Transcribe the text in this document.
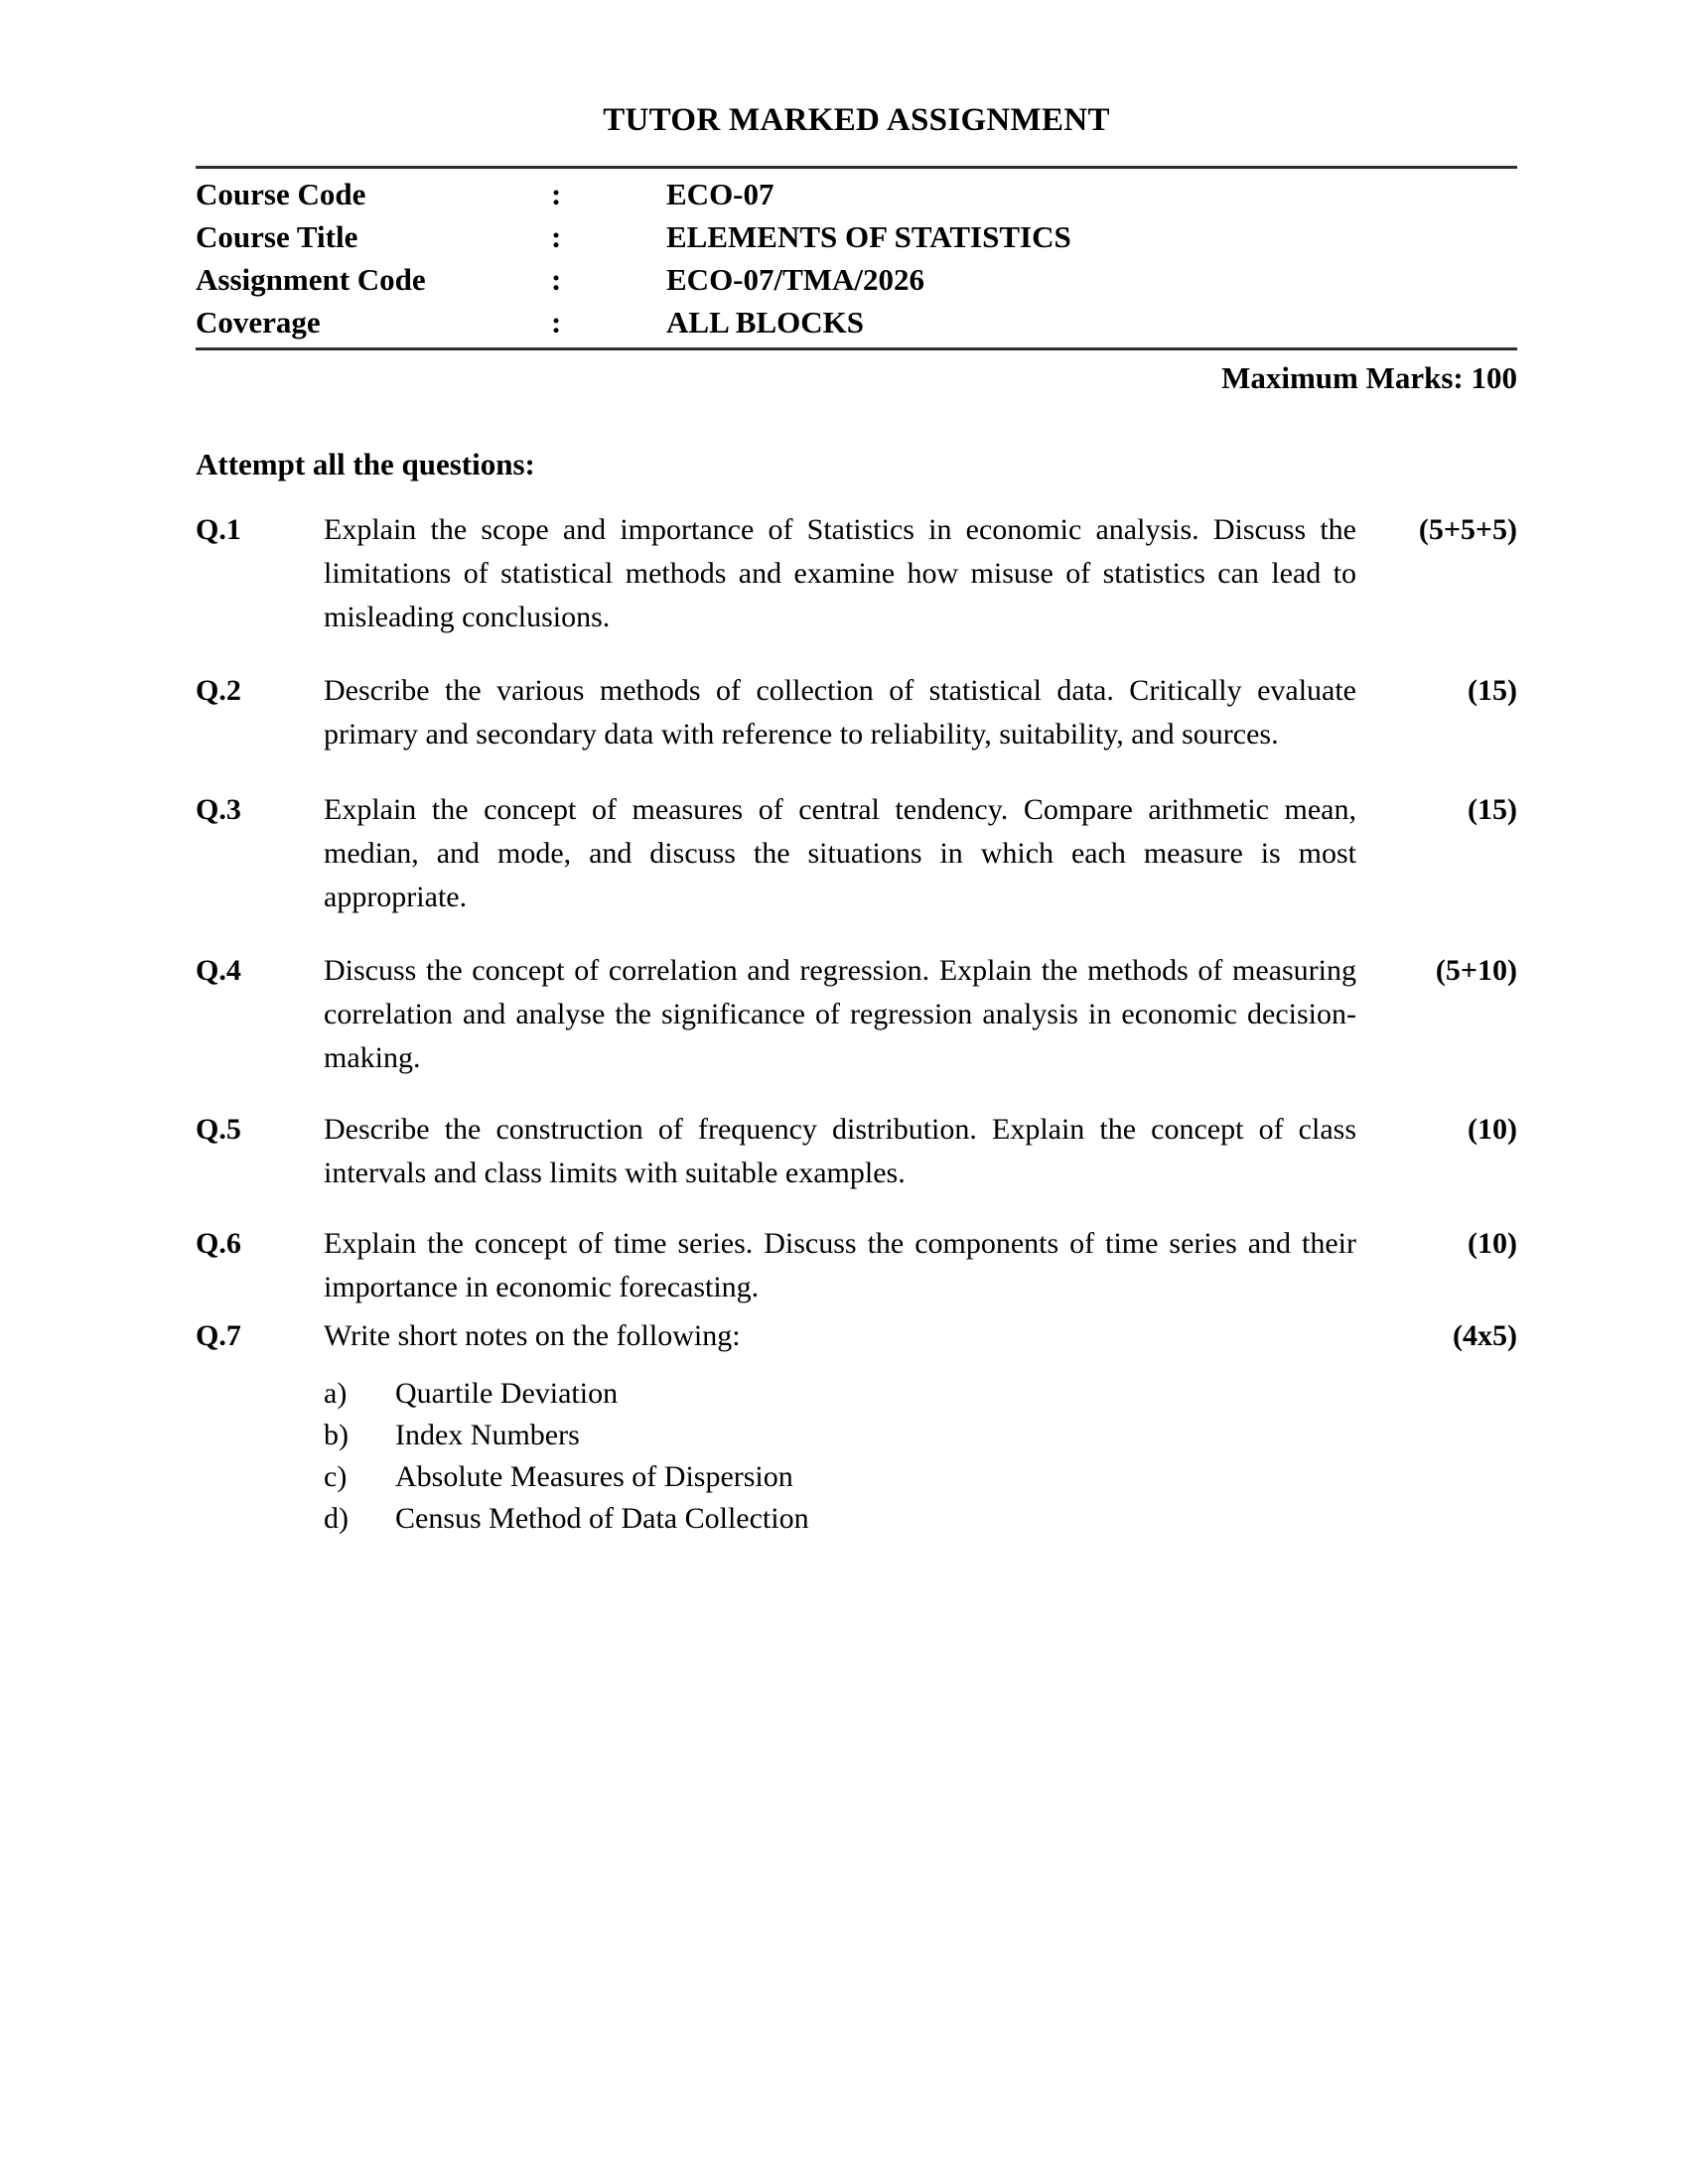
TUTOR MARKED ASSIGNMENT
Course Code	:	ECO-07
Course Title	:	ELEMENTS OF STATISTICS
Assignment Code	:	ECO-07/TMA/2026
Coverage	:	ALL BLOCKS
Maximum Marks: 100
Attempt all the questions:
Q.1	Explain the scope and importance of Statistics in economic analysis. Discuss the limitations of statistical methods and examine how misuse of statistics can lead to misleading conclusions.
(5+5+5)
Q.2	Describe the various methods of collection of statistical data. Critically evaluate primary and secondary data with reference to reliability, suitability, and sources.
(15)
Q.3	Explain the concept of measures of central tendency. Compare arithmetic mean, median, and mode, and discuss the situations in which each measure is most appropriate.
(15)
Q.4	Discuss the concept of correlation and regression. Explain the methods of measuring correlation and analyse the significance of regression analysis in economic decision-making.
(5+10)
Q.5	Describe the construction of frequency distribution. Explain the concept of class intervals and class limits with suitable examples.
(10)
Q.6	Explain the concept of time series. Discuss the components of time series and their importance in economic forecasting.
(10)
Q.7	Write short notes on the following:	(4x5)
a)	Quartile Deviation
b)	Index Numbers
c)	Absolute Measures of Dispersion
d)	Census Method of Data Collection
